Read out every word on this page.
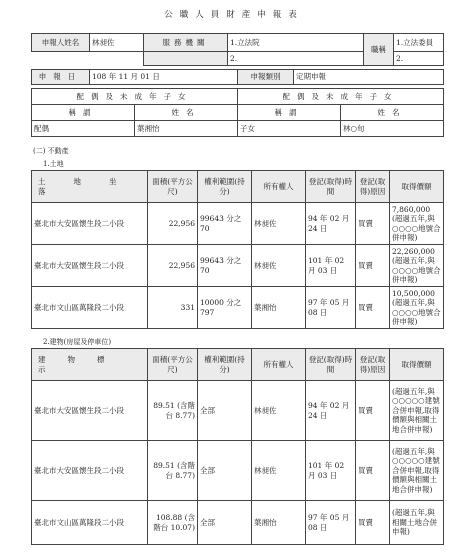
公職人員財產申報表
申報人姓名	林昶佐	服務機關	1.立法院	職稱	1.立法委員
			2.		2.
申報日	108 年 11 月 01 日	申報類別	定期申報
配偶及未成年子女		配偶及未成年子女	
稱謂	姓名	稱謂	姓名
配偶	葉湘怡	子女	林○旬
(二) 不動產
1.土地
土地坐落	面積(平方公尺)	權利範圍(持分)	所有權人	登記(取得)時間	登記(取得)原因	取得價額
臺北市大安區懷生段二小段	22,956	99643 分之 70	林昶佐	94 年 02 月 24 日	買賣	7,860,000 (超過五年,與○○○○地號合併申報)
臺北市大安區懷生段二小段	22,956	99643 分之 70	林昶佐	101 年 02 月 03 日	買賣	22,260,000 (超過五年,與○○○○地號合併申報)
臺北市文山區萬隆段二小段	331	10000 分之 797	葉湘怡	97 年 05 月 08 日	買賣	10,500,000 (超過五年,與○○○○地號合併申報)
2.建物(房屋及停車位)
建物標示	面積(平方公尺)	權利範圍(持分)	所有權人	登記(取得)時間	登記(取得)原因	取得價額
臺北市大安區懷生段二小段	89.51 (含階台 8.77)	全部	林昶佐	94 年 02 月 24 日	買賣	(超過五年,與○○○○○建號合併申報,取得價額與相關土地合併申報)
臺北市大安區懷生段二小段	89.51 (含階台 8.77)	全部	林昶佐	101 年 02 月 03 日	買賣	(超過五年,與○○○○○建號合併申報,取得價額與相關土地合併申報)
臺北市文山區萬隆段二小段	108.88 (含階台 10.07)	全部	葉湘怡	97 年 05 月 08 日	買賣	(超過五年,與相關土地合併申報)
